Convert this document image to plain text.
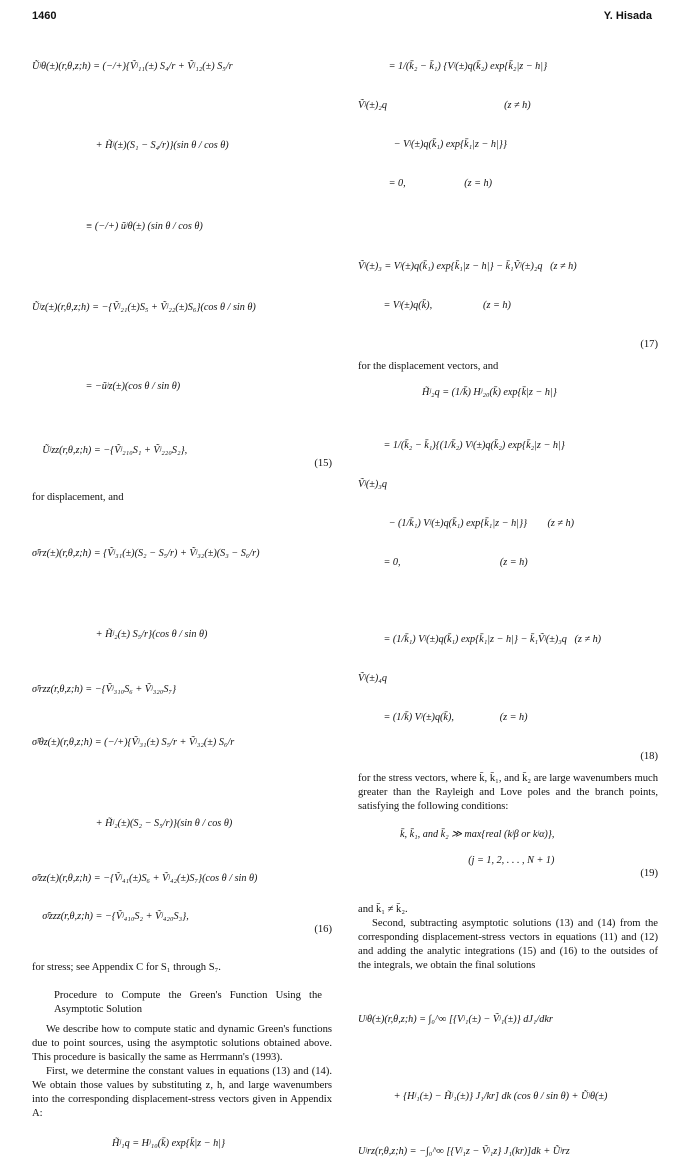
1460	Y. Hisada

Ũʲθ(±)(r,θ,z;h) = (−/+){Ṽʲ₁₁(±) S₄/r + Ṽʲ₁₂(±) S₅/r

+ H̃ʲ(±)(S₁ − S₄/r)}(sin θ / cos θ)

≡ (−/+) ũʲθ(±) (sin θ / cos θ)

Ũʲz(±)(r,θ,z;h) = −{Ṽʲ₂₁(±)S₅ + Ṽʲ₂₂(±)S₆}(cos θ / sin θ)

= −ũʲz(±)(cos θ / sin θ)

Ũʲzz(r,θ,z;h) = −{Ṽʲ₂₁₀S₁ + Ṽʲ₂₂₀S₂},

(15)

for displacement, and

σ̃ʲrz(±)(r,θ,z;h) = {Ṽʲ₃₁(±)(S₂ − S₅/r) + Ṽʲ₃₂(±)(S₃ − S₆/r)

+ H̃ʲ₂(±) S₅/r}(cos θ / sin θ)

σ̃ʲrzz(r,θ,z;h) = −{Ṽʲ₃₁₀S₆ + Ṽʲ₃₂₀S₇}

σ̃ʲθz(±)(r,θ,z;h) = (−/+){Ṽʲ₃₁(±) S₅/r + Ṽʲ₃₂(±) S₆/r

+ H̃ʲ₂(±)(S₂ − S₅/r)}(sin θ / cos θ)

σ̃ʲzz(±)(r,θ,z;h) = −{Ṽʲ₄₁(±)S₆ + Ṽʲ₄₂(±)S₇}(cos θ / sin θ)

σ̃ʲzzz(r,θ,z;h) = −{Ṽʲ₄₁₀S₂ + Ṽʲ₄₂₀S₃},

(16)

for stress; see Appendix C for S₁ through S₇.

Procedure to Compute the Green's Function Using the Asymptotic Solution

We describe how to compute static and dynamic Green's functions due to point sources, using the asymptotic solutions obtained above. This procedure is basically the same as Herrmann's (1993).

First, we determine the constant values in equations (13) and (14). We obtain those values by substituting z, h, and large wavenumbers into the corresponding displacement-stress vectors given in Appendix A:

H̃ʲ₁q = Hʲ₁₀(k̄) exp{k̄|z − h|}

= 1/(k̄₂ − k̄₁) {Vʲ(±)q(k̄₂) exp{k̄₂|z − h|}

Ṽʲ(±)₂q                                              (z ≠ h)

− Vʲ(±)q(k̄₁) exp{k̄₁|z − h|}}

= 0,                       (z = h)

Ṽʲ(±)₃ = Vʲ(±)q(k̄₁) exp{k̄₁|z − h|} − k̄₁Ṽʲ(±)₂q   (z ≠ h)

= Vʲ(±)q(k̄),                    (z = h)

(17)

for the displacement vectors, and

H̃ʲ₂q = (1/k̄) Hʲ₂₀(k̄) exp{k̄|z − h|}

= 1/(k̄₂ − k̄₁){(1/k̄₂) Vʲ(±)q(k̄₂) exp{k̄₂|z − h|}

Ṽʲ(±)₃q

− (1/k̄₁) Vʲ(±)q(k̄₁) exp{k̄₁|z − h|}}        (z ≠ h)

= 0,                                       (z = h)

= (1/k̄₁) Vʲ(±)q(k̄₁) exp{k̄₁|z − h|} − k̄₁Ṽʲ(±)₃q   (z ≠ h)

Ṽʲ(±)₄q

= (1/k̄) Vʲ(±)q(k̄),                  (z = h)

(18)

for the stress vectors, where k̄, k̄₁, and k̄₂ are large wavenumbers much greater than the Rayleigh and Love poles and the branch points, satisfying the following conditions:

k̄, k̄₁, and k̄₂ ≫ max{real (kʲβ or kʲα)},

(j = 1, 2, . . . , N + 1)

(19)

and k̄₁ ≠ k̄₂.

Second, subtracting asymptotic solutions (13) and (14) from the corresponding displacement-stress vectors in equations (11) and (12) and adding the analytic integrations (15) and (16) to the outsides of the integrals, we obtain the final solutions

Uʲθ(±)(r,θ,z;h) = ∫₀^∞ [{Vʲ₁(±) − Ṽʲ₁(±)} dJ₁/dkr

+ {Hʲ₁(±) − H̃ʲ₁(±)} J₁/kr] dk (cos θ / sin θ) + Ũʲθ(±)

Uʲrz(r,θ,z;h) = −∫₀^∞ [{Vʲ₁z − Ṽʲ₁z} J₁(kr)]dk + Ũʲrz
